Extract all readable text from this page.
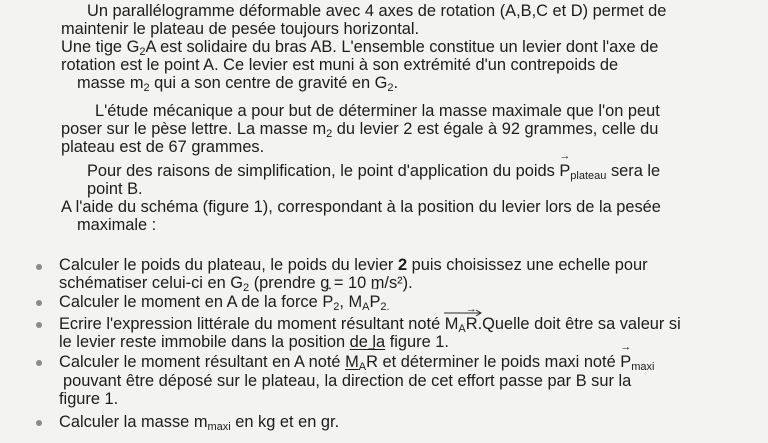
Un parallélogramme déformable avec 4 axes de rotation (A,B,C et D) permet de

maintenir le plateau de pesée toujours horizontal.

Une tige $G_2A$ est solidaire du bras AB. L'ensemble constitue un levier dont l'axe de

rotation est le point A. Ce levier est muni à son extrémité d'un contrepoids de

masse $m_2$ qui a son centre de gravité en $G_2$.

L'étude mécanique a pour but de déterminer la masse maximale que l'on peut

poser sur le pèse lettre. La masse $m_2$ du levier 2 est égale à 92 grammes, celle du

plateau est de 67 grammes.

Pour des raisons de simplification, le point d'application du poids → $P_{plateau}$ sera le

point B.

A l'aide du schéma (figure 1), correspondant à la position du levier lors de la pesée

maximale :

Calculer le poids du plateau, le poids du levier 2 puis choisissez une echelle pour
schématiser celui-ci en $G_2$ (prendre g = 10 m/s²).
Calculer le moment en A de la force → $P_2$, $M_A\to P_{2.}$
Ecrire l'expression littérale du moment résultant noté $M_A\to$ R.Quelle doit être sa valeur si
le levier reste immobile dans la position de la figure 1.
Calculer le moment résultant en A noté $M_A\to R$ et déterminer le poids maxi noté → $P_{maxi}$
pouvant être déposé sur le plateau, la direction de cet effort passe par B sur la
figure 1.
Calculer la masse $m_{maxi}$ en kg et en gr.
